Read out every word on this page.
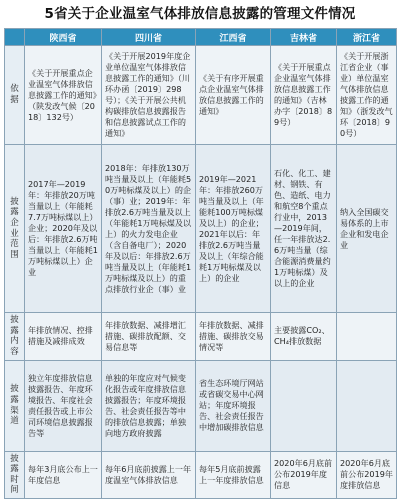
5省关于企业温室气体排放信息披露的管理文件情况
	陕西省	四川省	江西省	吉林省	浙江省
依据	《关于开展重点企业温室气体排放信息披露工作的通知》（陕发改气候〔2018〕132号）	《关于开展2019年度企业单位温室气体排放信息披露工作的通知》（川环办函〔2019〕298号）；《关于开展公共机构碳排放信息披露报告和信息披露试点工作的通知》	《关于有序开展重点企业温室气体排放信息披露工作的通知》	《关于开展重点企业温室气体排放信息披露工作的通知》（吉林办字〔2018〕89号）	《关于开展浙江省企业（事业）单位温室气体排放信息披露工作的通知》（浙发改气环〔2018〕90号）
披露企业范围	2017年—2019年：年排放20万吨当量以上（年能耗7.7万吨标煤以上）企业；2020年及以后：年排放2.6万吨当量以上（年能耗1万吨标煤以上）企业	2018年：年排放130万吨当量及以上（年能耗50万吨标煤及以上）的企（事）业；2019年：年排放2.6万吨当量及以上（年能耗1万吨标煤及以上）的火力发电企业（含自备电厂）；2020年及以后：年排放2.6万吨当量及以上（年能耗1万吨标煤及以上）的重点排放行业企（事）业	2019年—2021年：年排放260万吨当量及以上（年能耗100万吨标煤及以上）的企业；2021年以后：年排放2.6万吨当量及以上（年综合能耗1万吨标煤及以上）的企业	石化、化工、建材、钢铁、有色、造纸、电力和航空8个重点行业中，2013—2019年间，任一年排放达2.6万吨当量（综合能源消费量约1万吨标煤）及以上的企业	纳入全国碳交易体系的上市企业和发电企业
披露内容	年排放情况、控排措施及减排成效	年排放数据、减排增汇措施、碳排放配额、交易信息等	年排放数据、减排措施、碳排放交易情况等	主要披露CO₂、CH₄排放数据	
披露渠道	独立年度排放信息披露报告、年度环境报告、年度社会责任报告或上市公司环境信息披露报告等	单独的年度应对气候变化报告或年度排放信息披露报告；年度环境报告、社会责任报告等中的排放信息披露；单独向地方政府披露	省生态环境厅网站或省碳交易中心网站；年度环境报告、社会责任报告中增加碳排放信息		
披露时间	每年3月底公布上一年度信息	每年6月底前披露上一年度温室气体排放信息	每年5月底前披露上一年度排放信息	2020年6月底前公布2019年度信息	2020年6月底前公布2019年度排放信息
